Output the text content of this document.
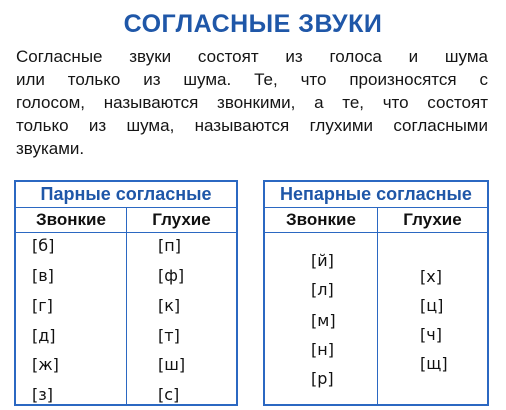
СОГЛАСНЫЕ ЗВУКИ
Согласные звуки состоят из голоса и шума
или только из шума. Те, что произносятся с
голосом, называются звонкими, а те, что состоят
только из шума, называются глухими согласными
звуками.
Парные согласные
Звонкие	Глухие
[б]
[в]
[г]
[д]
[ж]
[з]
[п]
[ф]
[к]
[т]
[ш]
[с]
Непарные согласные
Звонкие	Глухие
[й]
[л]
[м]
[н]
[р]
[х]
[ц]
[ч]
[щ]
